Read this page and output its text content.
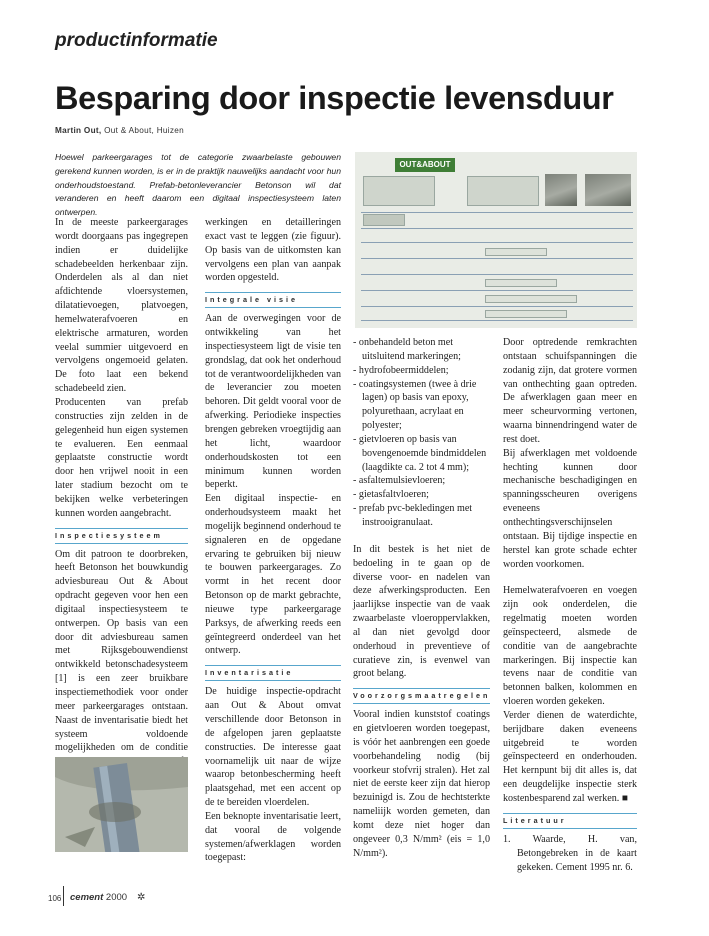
productinformatie
Besparing door inspectie levensduur
Martin Out, Out & About, Huizen
Hoewel parkeergarages tot de categorie zwaarbelaste gebouwen gerekend kunnen worden, is er in de praktijk nauwelijks aandacht voor hun onderhoudstoestand. Prefab-betonleverancier Betonson wil dat veranderen en heeft daarom een digitaal inspectiesysteem laten ontwerpen.

In de meeste parkeergarages wordt doorgaans pas ingegrepen indien er duidelijke schadebeelden herkenbaar zijn. Onderdelen als al dan niet afdichtende vloersystemen, dilatatievoegen, platvoegen, hemelwaterafvoeren en elektrische armaturen, worden veelal summier uitgevoerd en vervolgens ongemoeid gelaten. De foto laat een bekend schadebeeld zien.

Producenten van prefab constructies zijn zelden in de gelegenheid hun eigen systemen te evalueren. Een eenmaal geplaatste constructie wordt door hen vrijwel nooit in een later stadium bezocht om te bekijken welke verbeteringen kunnen worden aangebracht.

Inspectiesysteem

Om dit patroon te doorbreken, heeft Betonson het bouwkundig adviesbureau Out & About opdracht gegeven voor hen een digitaal inspectiesysteem te ontwerpen. Op basis van een door dit adviesbureau samen met Rijksgebouwendienst ontwikkeld betonschadesysteem [1] is een zeer bruikbare inspectiemethodiek voor onder meer parkeergarages ontstaan. Naast de inventarisatie biedt het systeem voldoende mogelijkheden om de conditie

werkingen en detailleringen exact vast te leggen (zie figuur). Op basis van de uitkomsten kan vervolgens een plan van aanpak worden opgesteld.

Integrale visie

Aan de overwegingen voor de ontwikkeling van het inspectiesysteem ligt de visie ten grondslag, dat ook het onderhoud tot de verantwoordelijkheden van de leverancier zou moeten behoren. Dit geldt vooral voor de afwerking. Periodieke inspecties brengen gebreken vroegtijdig aan het licht, waardoor onderhoudskosten tot een minimum kunnen worden beperkt.

Een digitaal inspectie- en onderhoudsysteem maakt het mogelijk beginnend onderhoud te signaleren en de opgedane ervaring te gebruiken bij nieuw te bouwen parkeergarages. Zo vormt in het recent door Betonson op de markt gebrachte, nieuwe type parkeergarage Parksys, de afwerking reeds een geïntegreerd onderdeel van het ontwerp.

Inventarisatie

De huidige inspectie-opdracht aan Out & About omvat verschillende door Betonson in de afgelopen jaren geplaatste constructies. De interesse gaat voornamelijk uit naar de wijze waarop betonbescherming heeft plaatsgehad, met een accent op de te bereiden vloerdelen.

Een beknopte inventarisatie leert, dat vooral de volgende systemen/afwerklagen worden toegepast:

OUT&ABOUT
- onbehandeld beton met uitsluitend markeringen;
- hydrofobeermiddelen;
- coatingsystemen (twee à drie lagen) op basis van epoxy, polyurethaan, acrylaat en polyester;
- gietvloeren op basis van bovengenoemde bindmiddelen (laagdikte ca. 2 tot 4 mm);
- asfaltemulsievloeren;
- gietasfaltvloeren;
- prefab pvc-bekledingen met instrooigranulaat.

In dit bestek is het niet de bedoeling in te gaan op de diverse voor- en nadelen van deze afwerkingsproducten. Een jaarlijkse inspectie van de vaak zwaarbelaste vloeroppervlakken, al dan niet gevolgd door onderhoud in preventieve of curatieve zin, is evenwel van groot belang.

Voorzorgsmaatregelen

Vooral indien kunststof coatings en gietvloeren worden toegepast, is vóór het aanbrengen een goede voorbehandeling nodig (bij voorkeur stofvrij stralen). Het zal niet de eerste keer zijn dat hierop bezuinigd is. Zou de hechtsterkte nameliijk worden gemeten, dan komt deze niet hoger dan ongeveer 0,3 N/mm² (eis = 1,0 N/mm²).

Door optredende remkrachten ontstaan schuifspanningen die zodanig zijn, dat grotere vormen van onthechting gaan optreden. De afwerklagen gaan meer en meer scheurvorming vertonen, waarna binnendringend water de rest doet.

Bij afwerklagen met voldoende hechting kunnen door mechanische beschadigingen en spanningsscheuren overigens eveneens onthechtingsverschijnselen ontstaan. Bij tijdige inspectie en herstel kan grote schade echter worden voorkomen.

Hemelwaterafvoeren en voegen zijn ook onderdelen, die regelmatig moeten worden geïnspecteerd, alsmede de conditie van de aangebrachte markeringen. Bij inspectie kan tevens naar de conditie van betonnen balken, kolommen en vloeren worden gekeken.

Verder dienen de waterdichte, berijdbare daken eveneens uitgebreid te worden geïnspecteerd en onderhouden. Het kernpunt bij dit alles is, dat een deugdelijke inspectie sterk kostenbesparend zal werken. ■

Literatuur

1. Waarde, H. van, Betongebreken in de kaart gekeken. Cement 1995 nr. 6.

106 cement 2000 ✲
